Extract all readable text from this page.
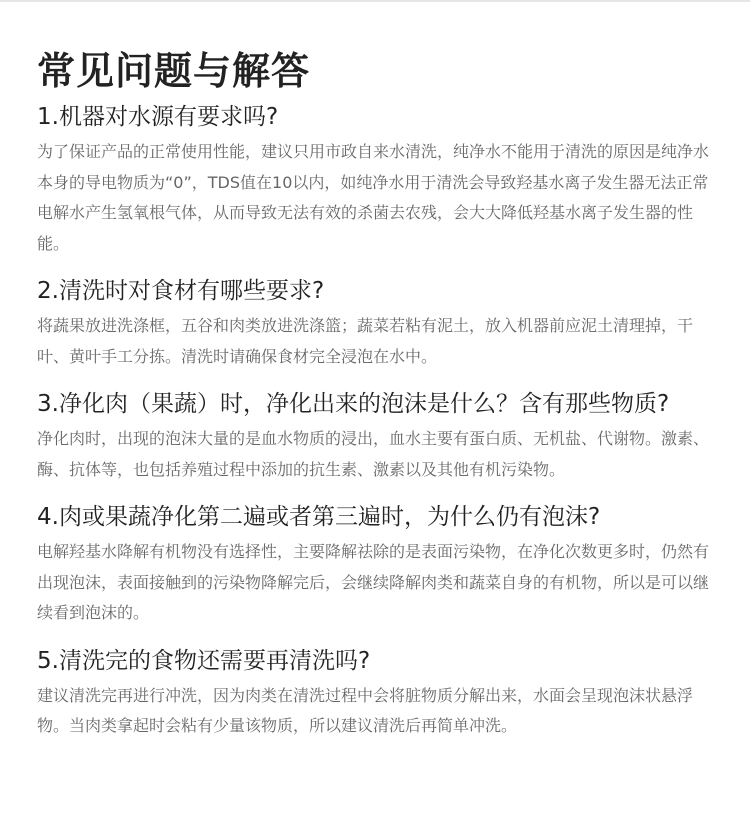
常见问题与解答
1.机器对水源有要求吗?

为了保证产品的正常使用性能，建议只用市政自来水清洗，纯净水不能用于清洗的原因是纯净水本身的导电物质为“0”，TDS值在10以内，如纯净水用于清洗会导致羟基水离子发生器无法正常电解水产生氢氧根气体，从而导致无法有效的杀菌去农残，会大大降低羟基水离子发生器的性能。

2.清洗时对食材有哪些要求?

将蔬果放进洗涤框，五谷和肉类放进洗涤篮；蔬菜若粘有泥土，放入机器前应泥土清理掉，干叶、黄叶手工分拣。清洗时请确保食材完全浸泡在水中。

3.净化肉（果蔬）时，净化出来的泡沫是什么？含有那些物质?

净化肉时，出现的泡沫大量的是血水物质的浸出，血水主要有蛋白质、无机盐、代谢物。激素、酶、抗体等，也包括养殖过程中添加的抗生素、激素以及其他有机污染物。

4.肉或果蔬净化第二遍或者第三遍时，为什么仍有泡沫?

电解羟基水降解有机物没有选择性，主要降解祛除的是表面污染物，在净化次数更多时，仍然有出现泡沫，表面接触到的污染物降解完后，会继续降解肉类和蔬菜自身的有机物，所以是可以继续看到泡沫的。

5.清洗完的食物还需要再清洗吗?

建议清洗完再进行冲洗，因为肉类在清洗过程中会将脏物质分解出来，水面会呈现泡沫状悬浮物。当肉类拿起时会粘有少量该物质，所以建议清洗后再简单冲洗。
